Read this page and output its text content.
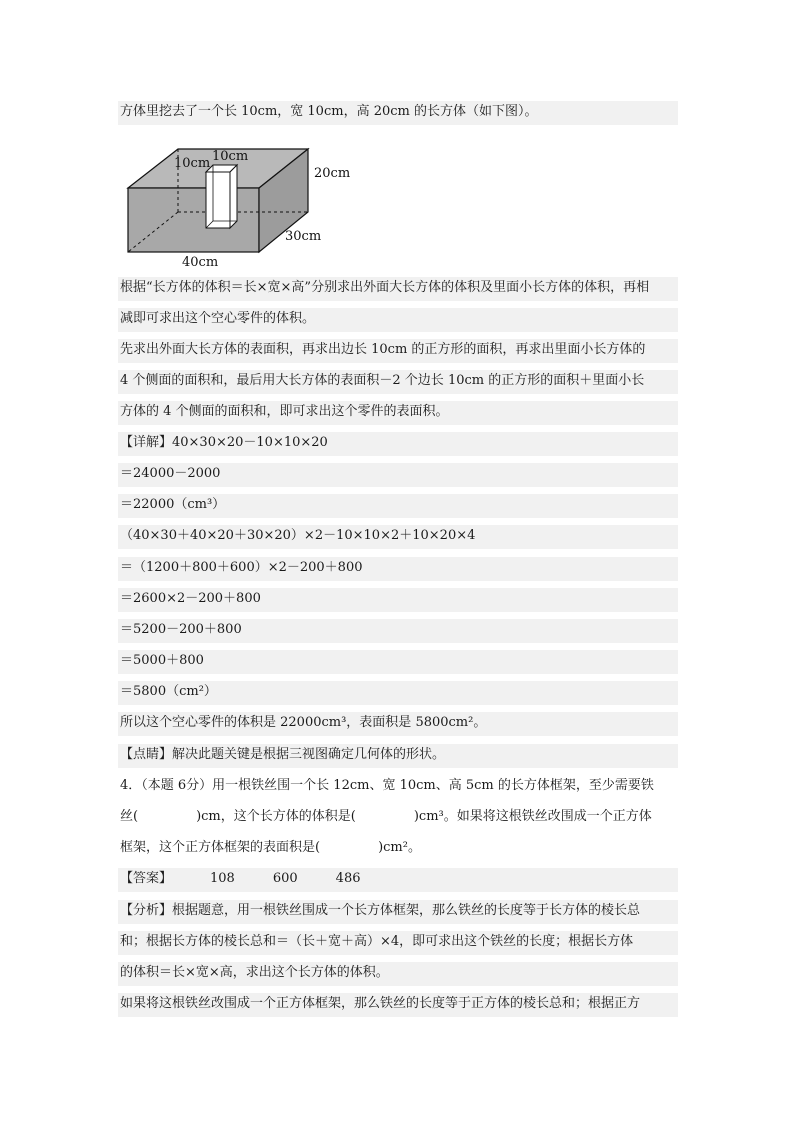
方体里挖去了一个长 10cm，宽 10cm，高 20cm 的长方体（如下图）。
10cm 10cm
20cm
30cm
40cm
根据“长方体的体积＝长×宽×高”分别求出外面大长方体的体积及里面小长方体的体积，再相
减即可求出这个空心零件的体积。
先求出外面大长方体的表面积，再求出边长 10cm 的正方形的面积，再求出里面小长方体的
4 个侧面的面积和，最后用大长方体的表面积－2 个边长 10cm 的正方形的面积＋里面小长
方体的 4 个侧面的面积和，即可求出这个零件的表面积。
【详解】40×30×20－10×10×20
＝24000－2000
＝22000（cm³）
（40×30＋40×20＋30×20）×2－10×10×2＋10×20×4
＝（1200＋800＋600）×2－200＋800
＝2600×2－200＋800
＝5200－200＋800
＝5000＋800
＝5800（cm²）
所以这个空心零件的体积是 22000cm³，表面积是 5800cm²。
【点睛】解决此题关键是根据三视图确定几何体的形状。
4．（本题 6分）用一根铁丝围一个长 12cm、宽 10cm、高 5cm 的长方体框架，至少需要铁
丝(	)cm，这个长方体的体积是(	)cm³。如果将这根铁丝改围成一个正方体
框架，这个正方体框架的表面积是(	)cm²。
【答案】	108	600	486
【分析】根据题意，用一根铁丝围成一个长方体框架，那么铁丝的长度等于长方体的棱长总
和；根据长方体的棱长总和＝（长＋宽＋高）×4，即可求出这个铁丝的长度；根据长方体
的体积＝长×宽×高，求出这个长方体的体积。
如果将这根铁丝改围成一个正方体框架，那么铁丝的长度等于正方体的棱长总和；根据正方
